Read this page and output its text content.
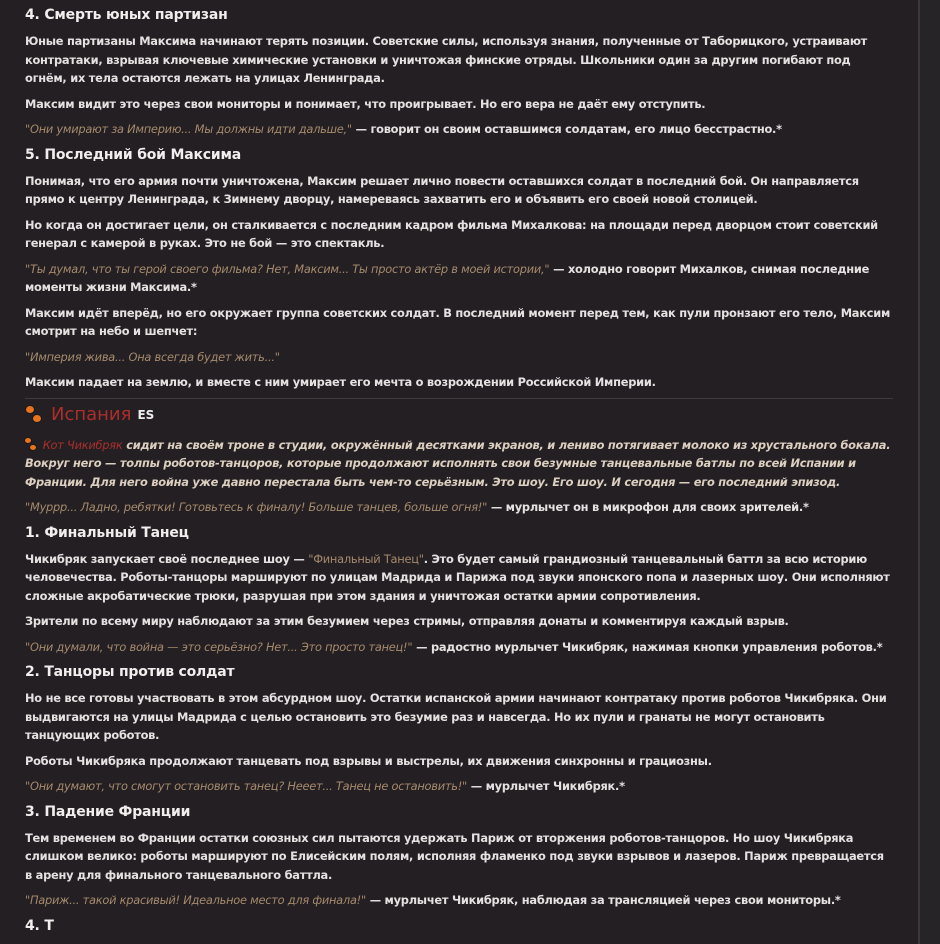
4. Смерть юных партизан

Юные партизаны Максима начинают терять позиции. Советские силы, используя знания, полученные от Таборицкого, устраивают контратаки, взрывая ключевые химические установки и уничтожая финские отряды. Школьники один за другим погибают под огнём, их тела остаются лежать на улицах Ленинграда.

Максим видит это через свои мониторы и понимает, что проигрывает. Но его вера не даёт ему отступить.

"Они умирают за Империю... Мы должны идти дальше," — говорит он своим оставшимся солдатам, его лицо бесстрастно.*

5. Последний бой Максима

Понимая, что его армия почти уничтожена, Максим решает лично повести оставшихся солдат в последний бой. Он направляется прямо к центру Ленинграда, к Зимнему дворцу, намереваясь захватить его и объявить его своей новой столицей.

Но когда он достигает цели, он сталкивается с последним кадром фильма Михалкова: на площади перед дворцом стоит советский генерал с камерой в руках. Это не бой — это спектакль.

"Ты думал, что ты герой своего фильма? Нет, Максим... Ты просто актёр в моей истории," — холодно говорит Михалков, снимая последние моменты жизни Максима.*

Максим идёт вперёд, но его окружает группа советских солдат. В последний момент перед тем, как пули пронзают его тело, Максим смотрит на небо и шепчет:

"Империя жива... Она всегда будет жить..."

Максим падает на землю, и вместе с ним умирает его мечта о возрождении Российской Империи.

Испания ES

Кот Чикибряк сидит на своём троне в студии, окружённый десятками экранов, и лениво потягивает молоко из хрустального бокала. Вокруг него — толпы роботов-танцоров, которые продолжают исполнять свои безумные танцевальные батлы по всей Испании и Франции. Для него война уже давно перестала быть чем-то серьёзным. Это шоу. Его шоу. И сегодня — его последний эпизод.

"Муррр... Ладно, ребятки! Готовьтесь к финалу! Больше танцев, больше огня!" — мурлычет он в микрофон для своих зрителей.*

1. Финальный Танец

Чикибряк запускает своё последнее шоу — "Финальный Танец". Это будет самый грандиозный танцевальный баттл за всю историю человечества. Роботы-танцоры маршируют по улицам Мадрида и Парижа под звуки японского попа и лазерных шоу. Они исполняют сложные акробатические трюки, разрушая при этом здания и уничтожая остатки армии сопротивления.

Зрители по всему миру наблюдают за этим безумием через стримы, отправляя донаты и комментируя каждый взрыв.

"Они думали, что война — это серьёзно? Нет... Это просто танец!" — радостно мурлычет Чикибряк, нажимая кнопки управления роботов.*

2. Танцоры против солдат

Но не все готовы участвовать в этом абсурдном шоу. Остатки испанской армии начинают контратаку против роботов Чикибряка. Они выдвигаются на улицы Мадрида с целью остановить это безумие раз и навсегда. Но их пули и гранаты не могут остановить танцующих роботов.

Роботы Чикибряка продолжают танцевать под взрывы и выстрелы, их движения синхронны и грациозны.

"Они думают, что смогут остановить танец? Нееет... Танец не остановить!" — мурлычет Чикибряк.*

3. Падение Франции

Тем временем во Франции остатки союзных сил пытаются удержать Париж от вторжения роботов-танцоров. Но шоу Чикибряка слишком велико: роботы маршируют по Елисейским полям, исполняя фламенко под звуки взрывов и лазеров. Париж превращается в арену для финального танцевального баттла.

"Париж... такой красивый! Идеальное место для финала!" — мурлычет Чикибряк, наблюдая за трансляцией через свои мониторы.*

4. Т
